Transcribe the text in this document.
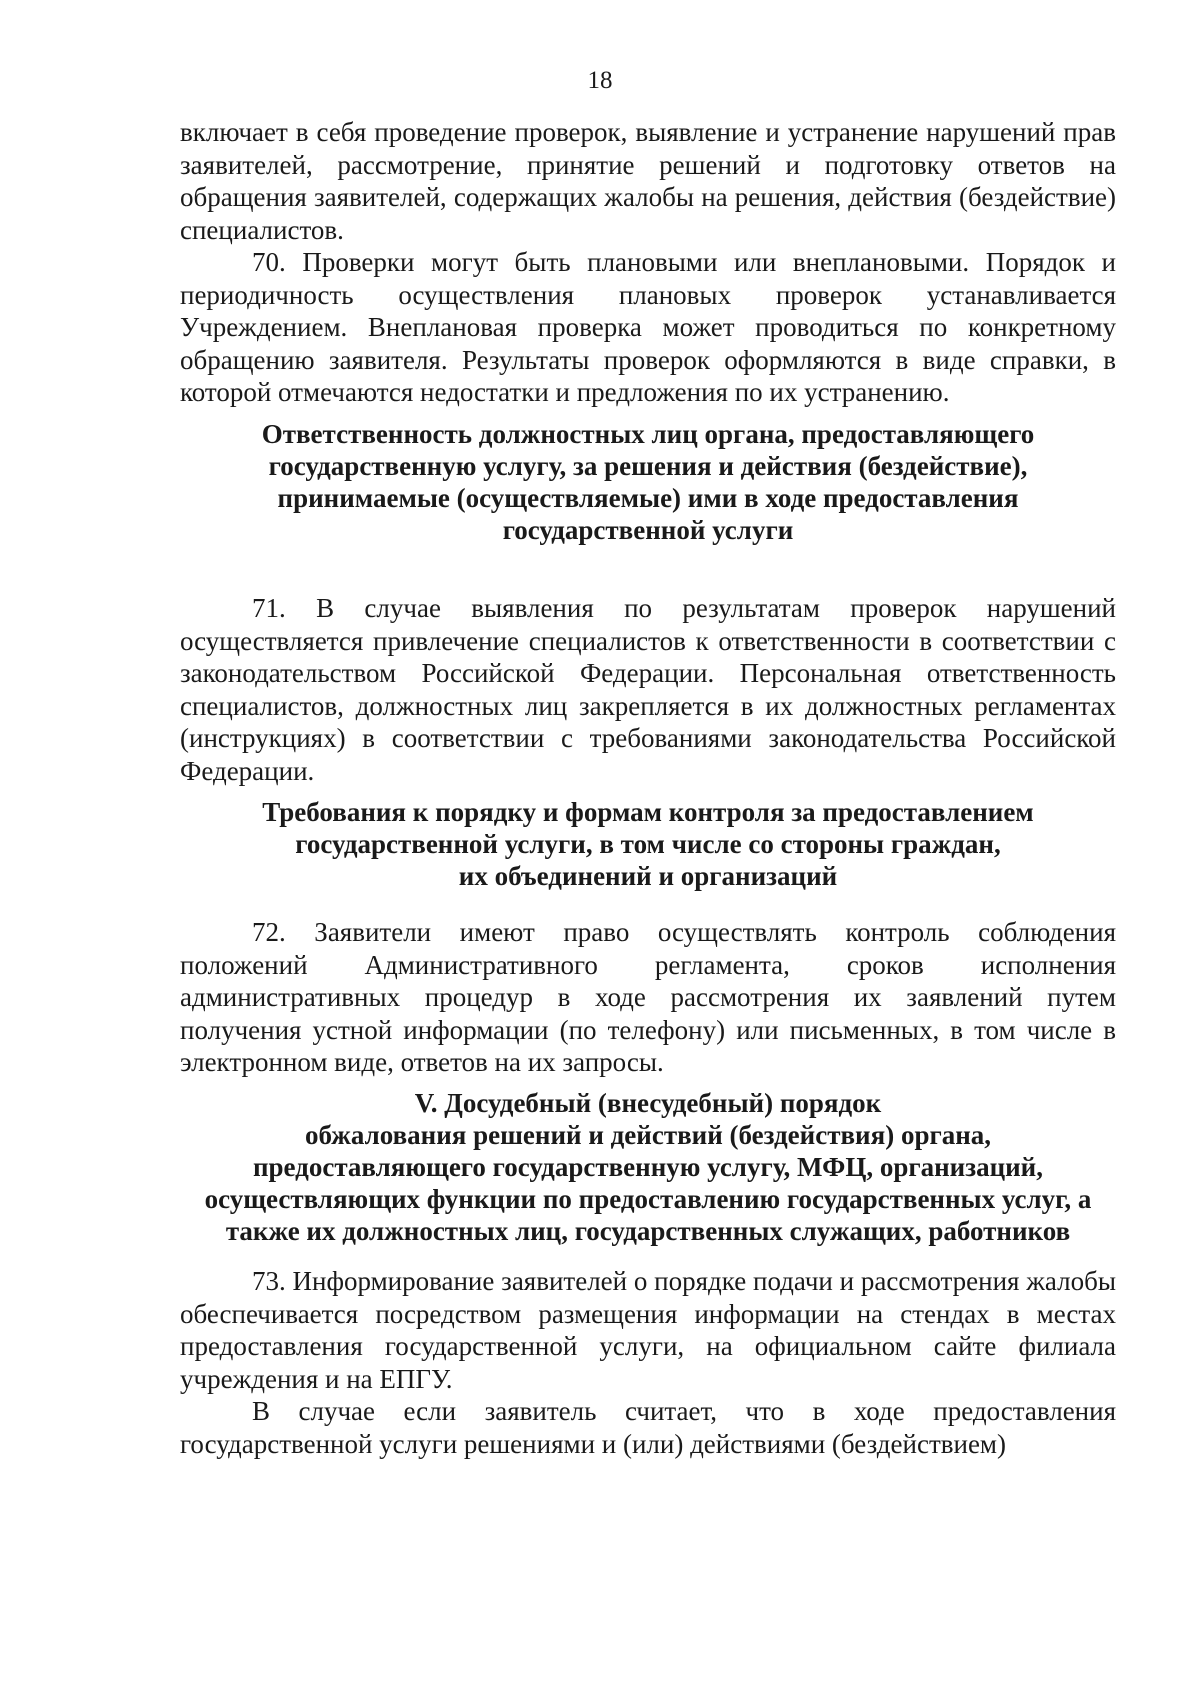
18

включает в себя проведение проверок, выявление и устранение нарушений прав заявителей, рассмотрение, принятие решений и подготовку ответов на обращения заявителей, содержащих жалобы на решения, действия (бездействие) специалистов.

70. Проверки могут быть плановыми или внеплановыми. Порядок и периодичность осуществления плановых проверок устанавливается Учреждением. Внеплановая проверка может проводиться по конкретному обращению заявителя. Результаты проверок оформляются в виде справки, в которой отмечаются недостатки и предложения по их устранению.

Ответственность должностных лиц органа, предоставляющего
государственную услугу, за решения и действия (бездействие),
принимаемые (осуществляемые) ими в ходе предоставления
государственной услуги

71. В случае выявления по результатам проверок нарушений осуществляется привлечение специалистов к ответственности в соответствии с законодательством Российской Федерации. Персональная ответственность специалистов, должностных лиц закрепляется в их должностных регламентах (инструкциях) в соответствии с требованиями законодательства Российской Федерации.

Требования к порядку и формам контроля за предоставлением
государственной услуги, в том числе со стороны граждан,
их объединений и организаций

72. Заявители имеют право осуществлять контроль соблюдения положений Административного регламента, сроков исполнения административных процедур в ходе рассмотрения их заявлений путем получения устной информации (по телефону) или письменных, в том числе в электронном виде, ответов на их запросы.

V. Досудебный (внесудебный) порядок
обжалования решений и действий (бездействия) органа,
предоставляющего государственную услугу, МФЦ, организаций,
осуществляющих функции по предоставлению государственных услуг, а
также их должностных лиц, государственных служащих, работников

73. Информирование заявителей о порядке подачи и рассмотрения жалобы обеспечивается посредством размещения информации на стендах в местах предоставления государственной услуги, на официальном сайте филиала учреждения и на ЕПГУ.

В случае если заявитель считает, что в ходе предоставления государственной услуги решениями и (или) действиями (бездействием)
